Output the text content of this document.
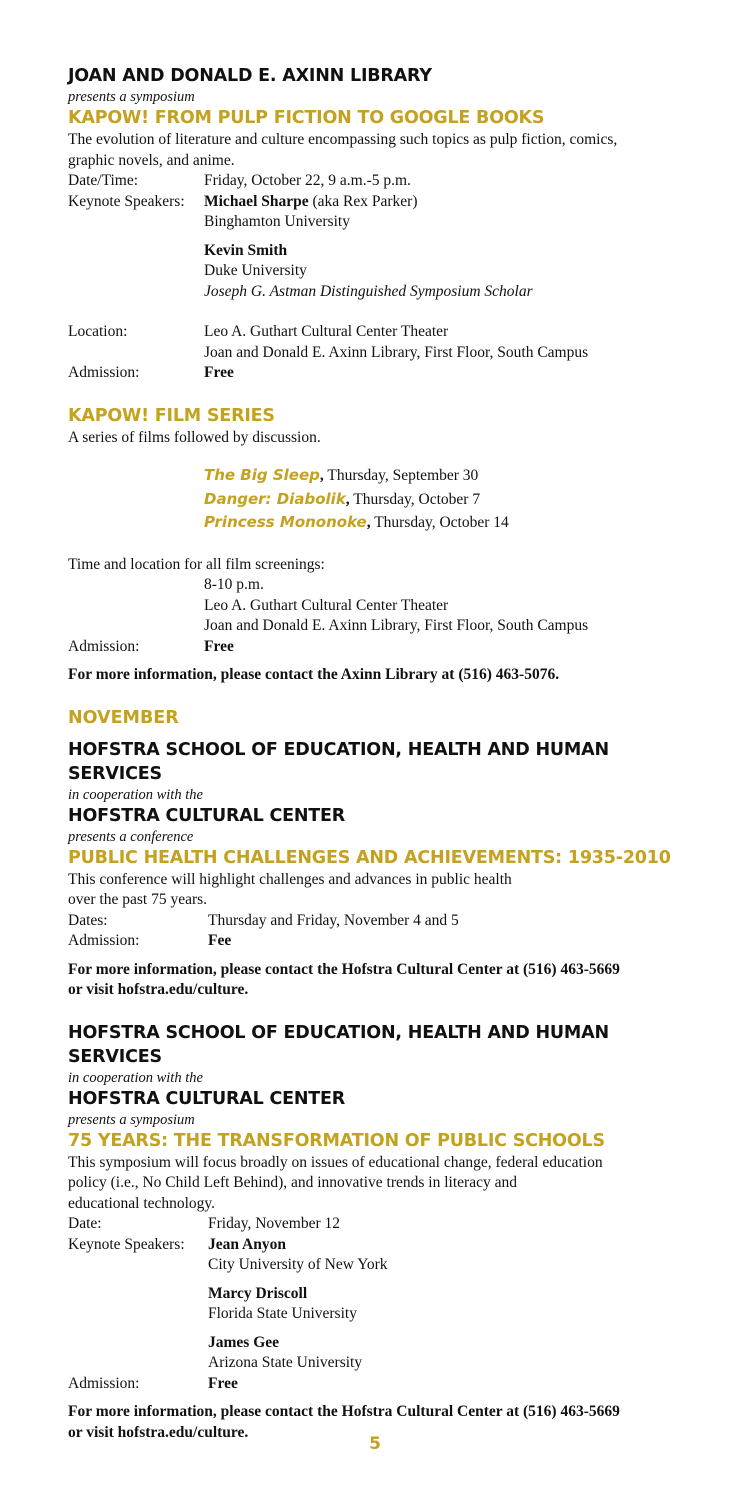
JOAN AND DONALD E. AXINN LIBRARY
presents a symposium
KAPOW! FROM PULP FICTION TO GOOGLE BOOKS
The evolution of literature and culture encompassing such topics as pulp fiction, comics,
graphic novels, and anime.
Date/Time:	Friday, October 22, 9 a.m.-5 p.m.
Keynote Speakers:	Michael Sharpe (aka Rex Parker)
Binghamton University
Kevin Smith
Duke University
Joseph G. Astman Distinguished Symposium Scholar
Location:	Leo A. Guthart Cultural Center Theater
Joan and Donald E. Axinn Library, First Floor, South Campus
Admission:	Free
KAPOW! FILM SERIES
A series of films followed by discussion.
The Big Sleep, Thursday, September 30
Danger: Diabolik, Thursday, October 7
Princess Mononoke, Thursday, October 14
Time and location for all film screenings:
8-10 p.m.
Leo A. Guthart Cultural Center Theater
Joan and Donald E. Axinn Library, First Floor, South Campus
Admission:	Free
For more information, please contact the Axinn Library at (516) 463-5076.
NOVEMBER
HOFSTRA SCHOOL OF EDUCATION, HEALTH AND HUMAN SERVICES
in cooperation with the
HOFSTRA CULTURAL CENTER
presents a conference
PUBLIC HEALTH CHALLENGES AND ACHIEVEMENTS: 1935-2010
This conference will highlight challenges and advances in public health
over the past 75 years.
Dates:	Thursday and Friday, November 4 and 5
Admission:	Fee
For more information, please contact the Hofstra Cultural Center at (516) 463-5669
or visit hofstra.edu/culture.
HOFSTRA SCHOOL OF EDUCATION, HEALTH AND HUMAN SERVICES
in cooperation with the
HOFSTRA CULTURAL CENTER
presents a symposium
75 YEARS: THE TRANSFORMATION OF PUBLIC SCHOOLS
This symposium will focus broadly on issues of educational change, federal education
policy (i.e., No Child Left Behind), and innovative trends in literacy and
educational technology.
Date:	Friday, November 12
Keynote Speakers:	Jean Anyon
City University of New York
Marcy Driscoll
Florida State University
James Gee
Arizona State University
Admission:	Free
For more information, please contact the Hofstra Cultural Center at (516) 463-5669
or visit hofstra.edu/culture.
5
